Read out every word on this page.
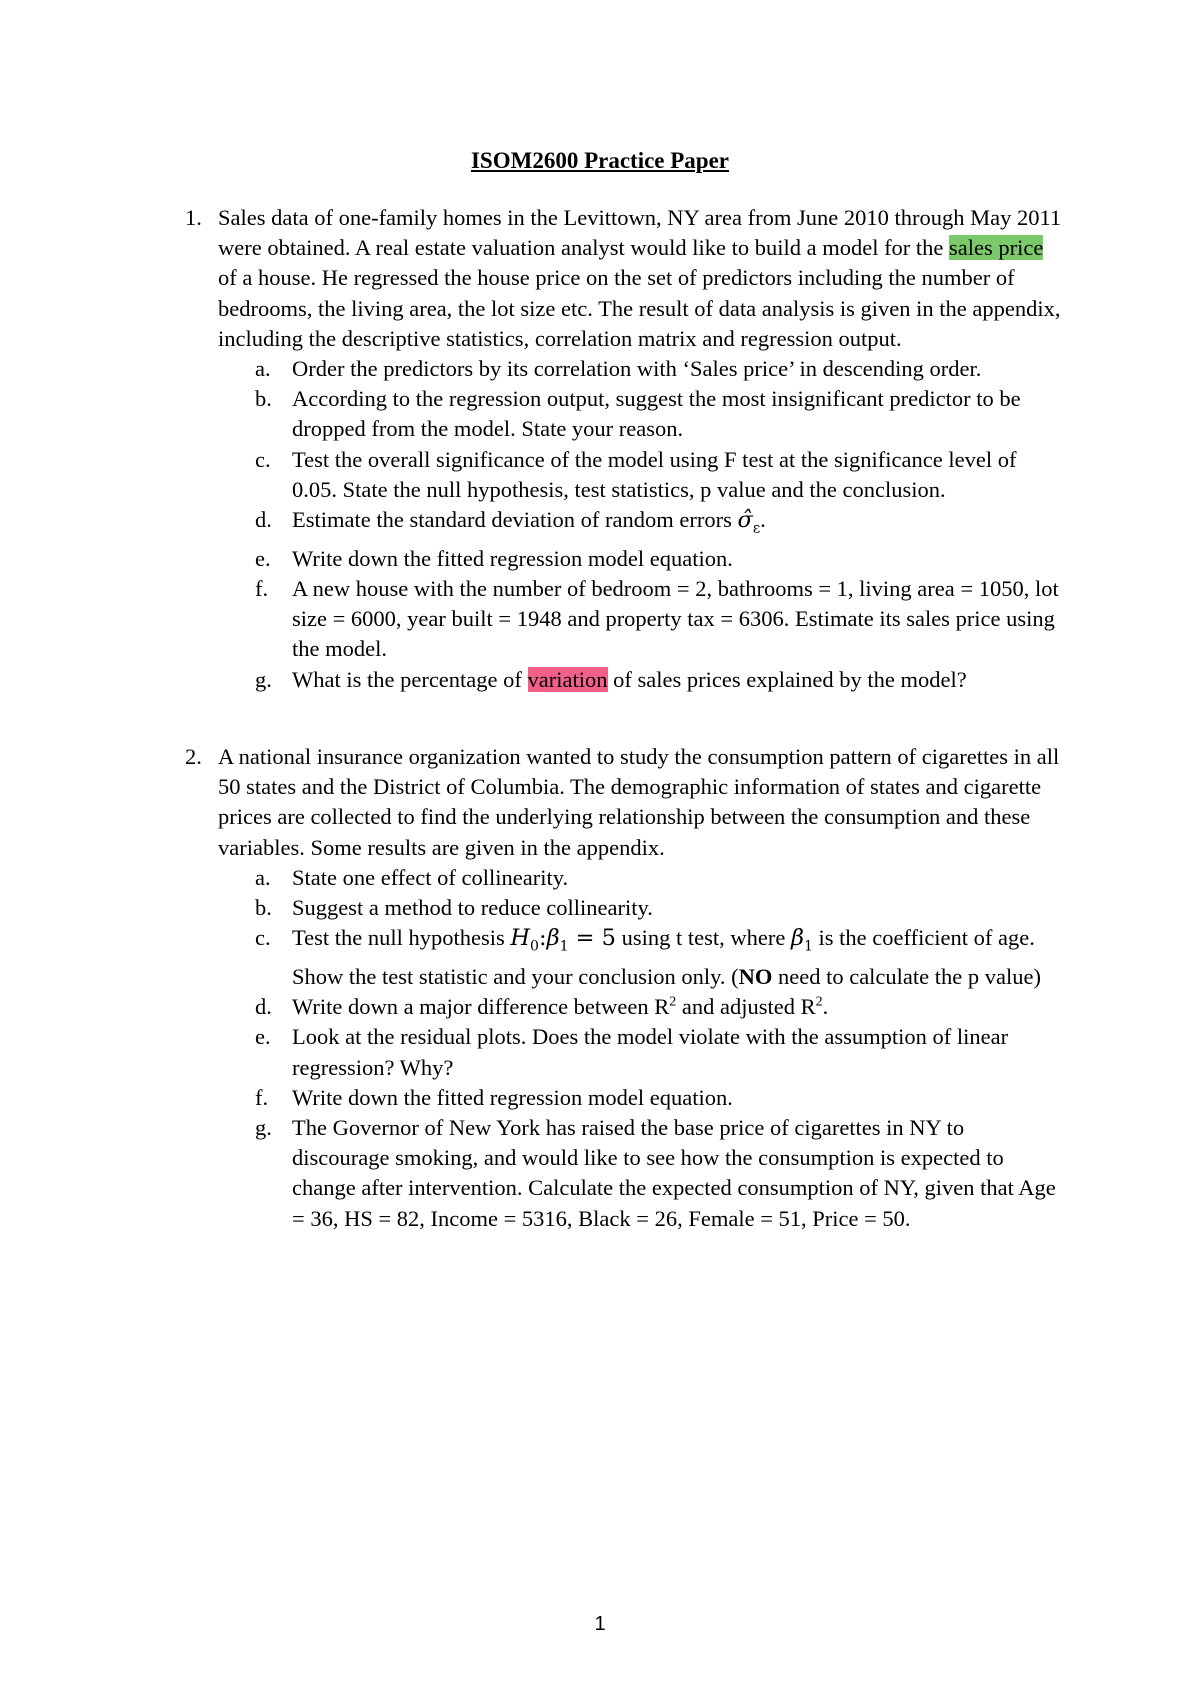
ISOM2600 Practice Paper
1. Sales data of one-family homes in the Levittown, NY area from June 2010 through May 2011 were obtained. A real estate valuation analyst would like to build a model for the sales price of a house. He regressed the house price on the set of predictors including the number of bedrooms, the living area, the lot size etc. The result of data analysis is given in the appendix, including the descriptive statistics, correlation matrix and regression output.
a. Order the predictors by its correlation with ‘Sales price’ in descending order.
b. According to the regression output, suggest the most insignificant predictor to be dropped from the model. State your reason.
c. Test the overall significance of the model using F test at the significance level of 0.05. State the null hypothesis, test statistics, p value and the conclusion.
d. Estimate the standard deviation of random errors $\sigmâ_\varepsilon$.
e. Write down the fitted regression model equation.
f. A new house with the number of bedroom = 2, bathrooms = 1, living area = 1050, lot size = 6000, year built = 1948 and property tax = 6306. Estimate its sales price using the model.
g. What is the percentage of variation of sales prices explained by the model?
2. A national insurance organization wanted to study the consumption pattern of cigarettes in all 50 states and the District of Columbia. The demographic information of states and cigarette prices are collected to find the underlying relationship between the consumption and these variables. Some results are given in the appendix.
a. State one effect of collinearity.
b. Suggest a method to reduce collinearity.
c. Test the null hypothesis $H_0:\beta_1 = 5$ using t test, where $\beta_1$ is the coefficient of age. Show the test statistic and your conclusion only. (NO need to calculate the p value)
d. Write down a major difference between $R^2$ and adjusted $R^2$.
e. Look at the residual plots. Does the model violate with the assumption of linear regression? Why?
f. Write down the fitted regression model equation.
g. The Governor of New York has raised the base price of cigarettes in NY to discourage smoking, and would like to see how the consumption is expected to change after intervention. Calculate the expected consumption of NY, given that Age = 36, HS = 82, Income = 5316, Black = 26, Female = 51, Price = 50.
1
